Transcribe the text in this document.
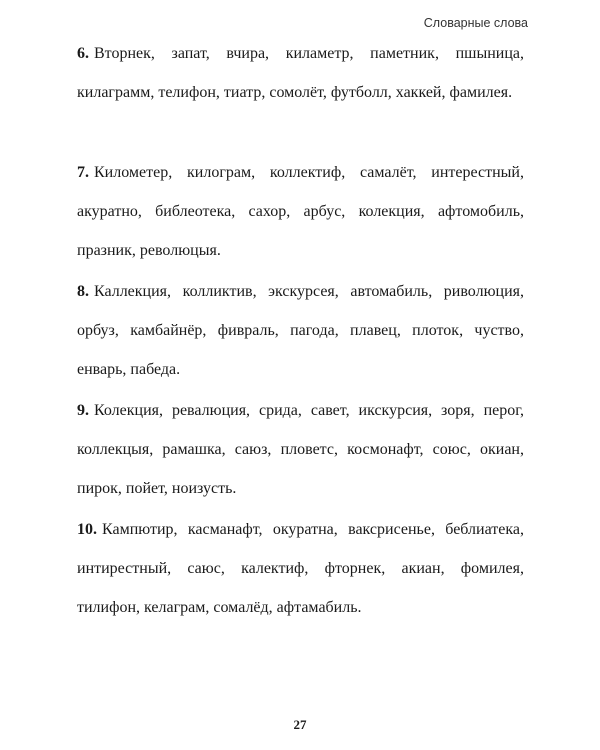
Словарные слова

6. Вторнек, запат, вчира, киламетр, паметник, пшыница, килаграмм, телифон, тиатр, сомолёт, футболл, хаккей, фамилея.

7. Километер, килограм, коллектиф, самалёт, интерестный, акуратно, библеотека, сахор, арбус, колекция, афтомобиль, празник, революцыя.

8. Каллекция, колликтив, экскурсея, автомабиль, риволюция, орбуз, камбайнёр, фивраль, пагода, плавец, плоток, чуство, енварь, пабеда.

9. Колекция, ревалюция, срида, савет, икскурсия, зоря, перог, коллекцыя, рамашка, саюз, пловетс, космонафт, союс, окиан, пирок, пойет, ноизусть.

10. Кампютир, касманафт, окуратна, ваксрисенье, беблиатека, интирестный, саюс, калектиф, фторнек, акиан, фомилея, тилифон, келаграм, сомалёд, афтамабиль.

27
